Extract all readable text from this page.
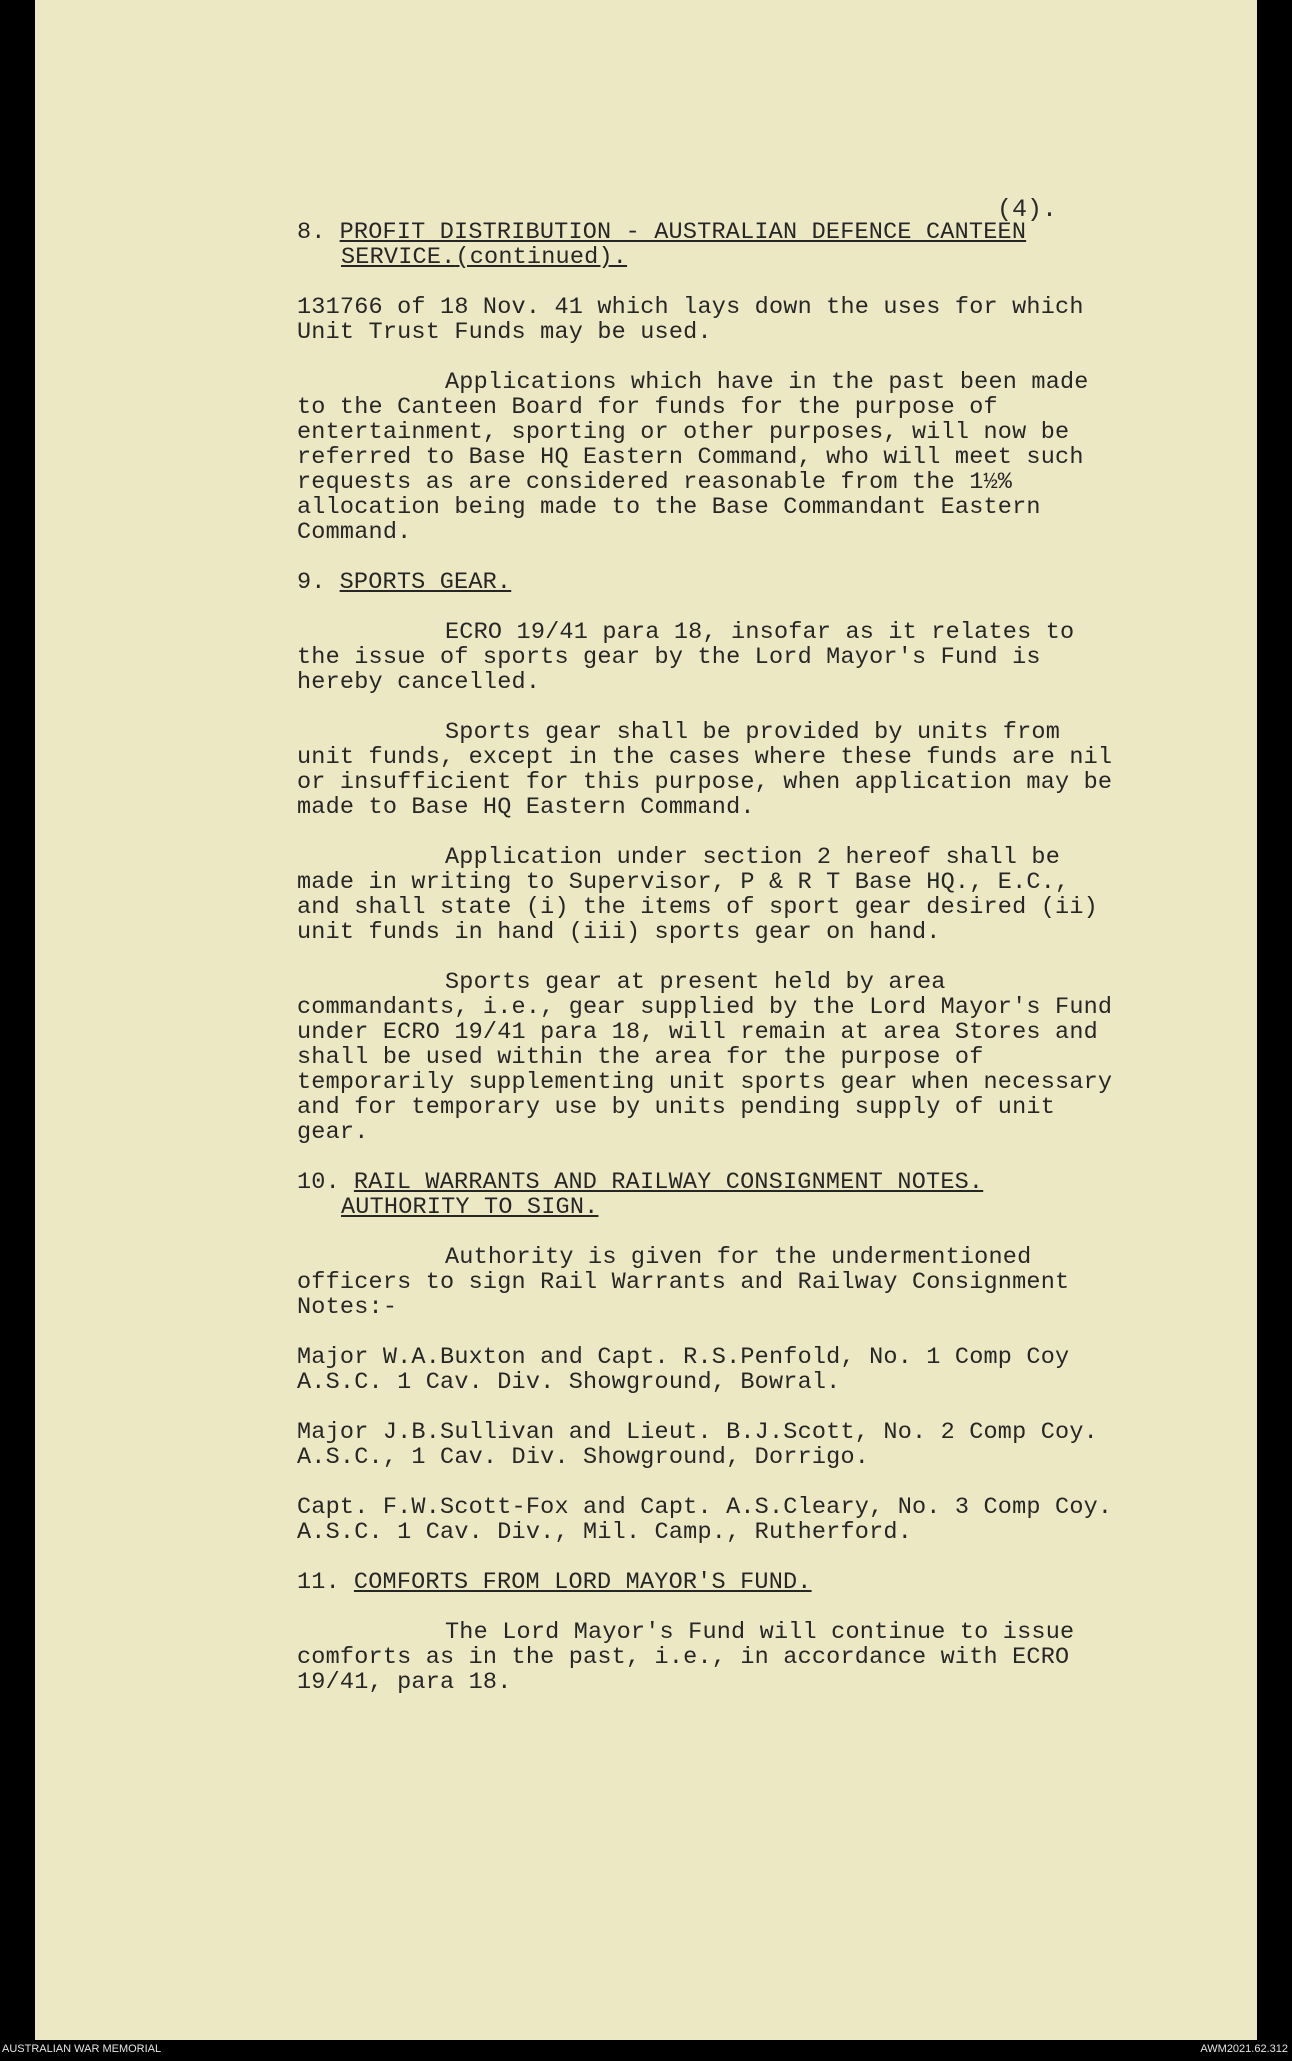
(4).
8. PROFIT DISTRIBUTION - AUSTRALIAN DEFENCE CANTEEN
SERVICE.(continued).

131766 of 18 Nov. 41 which lays down the uses for which Unit Trust Funds may be used.

Applications which have in the past been made to the Canteen Board for funds for the purpose of entertainment, sporting or other purposes, will now be referred to Base HQ Eastern Command, who will meet such requests as are considered reasonable from the 1½% allocation being made to the Base Commandant Eastern Command.

9. SPORTS GEAR.

ECRO 19/41 para 18, insofar as it relates to the issue of sports gear by the Lord Mayor's Fund is hereby cancelled.

Sports gear shall be provided by units from unit funds, except in the cases where these funds are nil or insufficient for this purpose, when application may be made to Base HQ Eastern Command.

Application under section 2 hereof shall be made in writing to Supervisor, P & R T Base HQ., E.C., and shall state (i) the items of sport gear desired (ii) unit funds in hand (iii) sports gear on hand.

Sports gear at present held by area commandants, i.e., gear supplied by the Lord Mayor's Fund under ECRO 19/41 para 18, will remain at area Stores and shall be used within the area for the purpose of temporarily supplementing unit sports gear when necessary and for temporary use by units pending supply of unit gear.

10. RAIL WARRANTS AND RAILWAY CONSIGNMENT NOTES.
AUTHORITY TO SIGN.

Authority is given for the undermentioned officers to sign Rail Warrants and Railway Consignment Notes:-

Major W.A.Buxton and Capt. R.S.Penfold, No. 1 Comp Coy A.S.C. 1 Cav. Div. Showground, Bowral.

Major J.B.Sullivan and Lieut. B.J.Scott, No. 2 Comp Coy. A.S.C., 1 Cav. Div. Showground, Dorrigo.

Capt. F.W.Scott-Fox and Capt. A.S.Cleary, No. 3 Comp Coy. A.S.C. 1 Cav. Div., Mil. Camp., Rutherford.

11. COMFORTS FROM LORD MAYOR'S FUND.

The Lord Mayor's Fund will continue to issue comforts as in the past, i.e., in accordance with ECRO 19/41, para 18.

AUSTRALIAN WAR MEMORIAL	AWM2021.62.312
